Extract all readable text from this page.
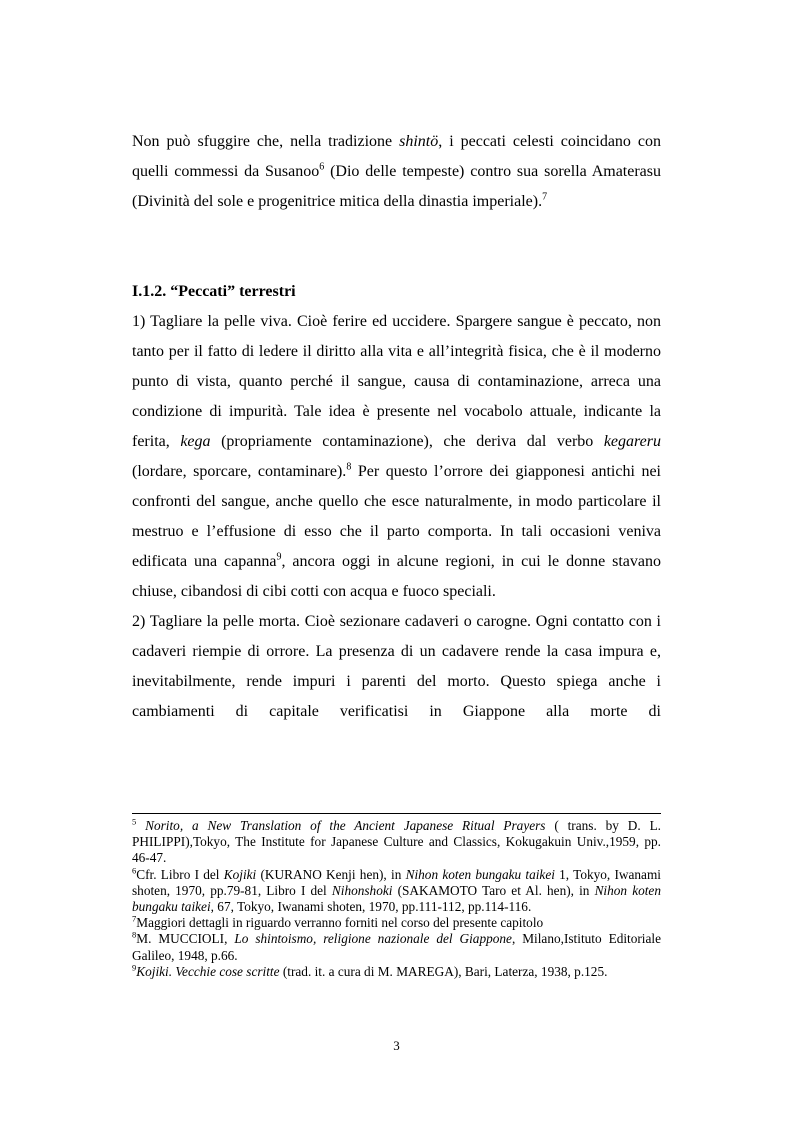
Non può sfuggire che, nella tradizione shintö, i peccati celesti coincidano con quelli commessi da Susanoo$^6$ (Dio delle tempeste) contro sua sorella Amaterasu (Divinità del sole e progenitrice mitica della dinastia imperiale).$^7$

I.1.2. “Peccati” terrestri

1) Tagliare la pelle viva. Cioè ferire ed uccidere. Spargere sangue è peccato, non tanto per il fatto di ledere il diritto alla vita e all’integrità fisica, che è il moderno punto di vista, quanto perché il sangue, causa di contaminazione, arreca una condizione di impurità. Tale idea è presente nel vocabolo attuale, indicante la ferita, kega (propriamente contaminazione), che deriva dal verbo kegareru (lordare, sporcare, contaminare).$^8$ Per questo l’orrore dei giapponesi antichi nei confronti del sangue, anche quello che esce naturalmente, in modo particolare il mestruo e l’effusione di esso che il parto comporta. In tali occasioni veniva edificata una capanna$^9$, ancora oggi in alcune regioni, in cui le donne stavano chiuse, cibandosi di cibi cotti con acqua e fuoco speciali.

2) Tagliare la pelle morta. Cioè sezionare cadaveri o carogne. Ogni contatto con i cadaveri riempie di orrore. La presenza di un cadavere rende la casa impura e, inevitabilmente, rende impuri i parenti del morto. Questo spiega anche i cambiamenti di capitale verificatisi in Giappone alla morte di

$^5$ Norito, a New Translation of the Ancient Japanese Ritual Prayers ( trans. by D. L. PHILIPPI),Tokyo, The Institute for Japanese Culture and Classics, Kokugakuin Univ.,1959, pp. 46-47.

$^6$Cfr. Libro I del Kojiki (KURANO Kenji hen), in Nihon koten bungaku taikei 1, Tokyo, Iwanami shoten, 1970, pp.79-81, Libro I del Nihonshoki (SAKAMOTO Taro et Al. hen), in Nihon koten bungaku taikei, 67, Tokyo, Iwanami shoten, 1970, pp.111-112, pp.114-116.

$^7$Maggiori dettagli in riguardo verranno forniti nel corso del presente capitolo

$^8$M. MUCCIOLI, Lo shintoismo, religione nazionale del Giappone, Milano,Istituto Editoriale Galileo, 1948, p.66.

$^9$Kojiki. Vecchie cose scritte (trad. it. a cura di M. MAREGA), Bari, Laterza, 1938, p.125.

3
